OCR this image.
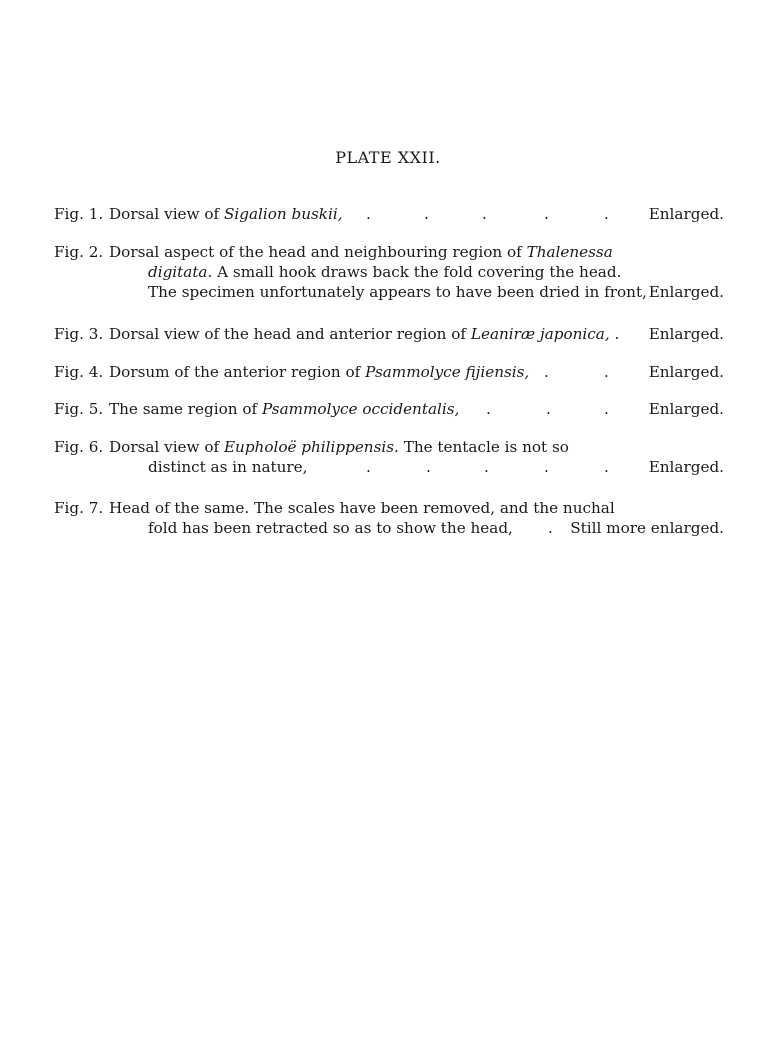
PLATE XXII.
Fig. 1. Dorsal view of Sigalion buskii, .	.	.	.	.	Enlarged.
Fig. 2. Dorsal aspect of the head and neighbouring region of Thalenessa
digitata. A small hook draws back the fold covering the head.
The specimen unfortunately appears to have been dried in front, Enlarged.
Fig. 3. Dorsal view of the head and anterior region of Leaniræ japonica, . Enlarged.
Fig. 4. Dorsum of the anterior region of Psammolyce fijiensis, .	.	Enlarged.
Fig. 5. The same region of Psammolyce occidentalis, .	.	.	Enlarged.
Fig. 6. Dorsal view of Eupholoë philippensis. The tentacle is not so
distinct as in nature,	.	.	.	.	.	Enlarged.
Fig. 7. Head of the same. The scales have been removed, and the nuchal
fold has been retracted so as to show the head, . Still more enlarged.
